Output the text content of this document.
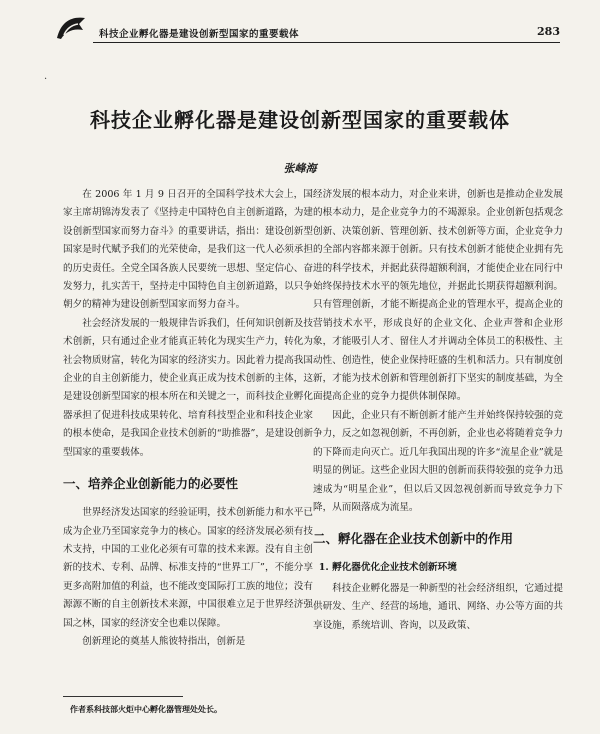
科技企业孵化器是建设创新型国家的重要载体	283
·
科技企业孵化器是建设创新型国家的重要载体
张峰海

在 2006 年 1 月 9 日召开的全国科学技术大会上，国家主席胡锦涛发表了《坚持走中国特色自主创新道路，为建设创新型国家而努力奋斗》的重要讲话，指出：建设创新型国家是时代赋予我们的光荣使命，是我们这一代人必须承担的历史责任。全党全国各族人民要统一思想、坚定信心、奋发努力，扎实苦干，坚持走中国特色自主创新道路，以只争朝夕的精神为建设创新型国家而努力奋斗。

社会经济发展的一般规律告诉我们，任何知识创新及技术创新，只有通过企业才能真正转化为现实生产力，转化为社会物质财富，转化为国家的经济实力。因此着力提高我国企业的自主创新能力，使企业真正成为技术创新的主体，这是建设创新型国家的根本所在和关键之一，而科技企业孵化器承担了促进科技成果转化、培育科技型企业和科技企业家的根本使命，是我国企业技术创新的“助推器”，是建设创新型国家的重要载体。

一、培养企业创新能力的必要性

世界经济发达国家的经验证明，技术创新能力和水平已成为企业乃至国家竞争力的核心。国家的经济发展必须有技术支持，中国的工业化必须有可靠的技术来源。没有自主创新的技术、专利、品牌、标准支持的“世界工厂”，不能分享更多高附加值的利益，也不能改变国际打工族的地位；没有源源不断的自主创新技术来源，中国很难立足于世界经济强国之林，国家的经济安全也难以保障。

创新理论的奠基人熊彼特指出，创新是

经济发展的根本动力，对企业来讲，创新也是推动企业发展的根本动力，是企业竞争力的不竭源泉。企业创新包括观念创新、决策创新、管理创新、技术创新等方面，企业竞争力的全部内容都来源于创新。只有技术创新才能使企业拥有先进的科学技术，并据此获得超额利润，才能使企业在同行中始终保持技术水平的领先地位，并据此长期获得超额利润。只有管理创新，才能不断提高企业的管理水平，提高企业的营销技术水平，形成良好的企业文化、企业声誉和企业形象，才能吸引人才、留住人才并调动全体员工的积极性、主动性、创造性，使企业保持旺盛的生机和活力。只有制度创新，才能为技术创新和管理创新打下坚实的制度基础，为全面提高企业的竞争力提供体制保障。

因此，企业只有不断创新才能产生并始终保持较强的竞争力，反之如忽视创新，不再创新，企业也必将随着竞争力的下降而走向灭亡。近几年我国出现的许多“流星企业”就是明显的例证。这些企业因大胆的创新而获得较强的竞争力迅速成为“明星企业”，但以后又因忽视创新而导致竞争力下降，从而陨落成为流星。

二、孵化器在企业技术创新中的作用
1. 孵化器优化企业技术创新环境

科技企业孵化器是一种新型的社会经济组织，它通过提供研发、生产、经营的场地，通讯、网络、办公等方面的共享设施，系统培训、咨询，以及政策、

作者系科技部火炬中心孵化器管理处处长。
